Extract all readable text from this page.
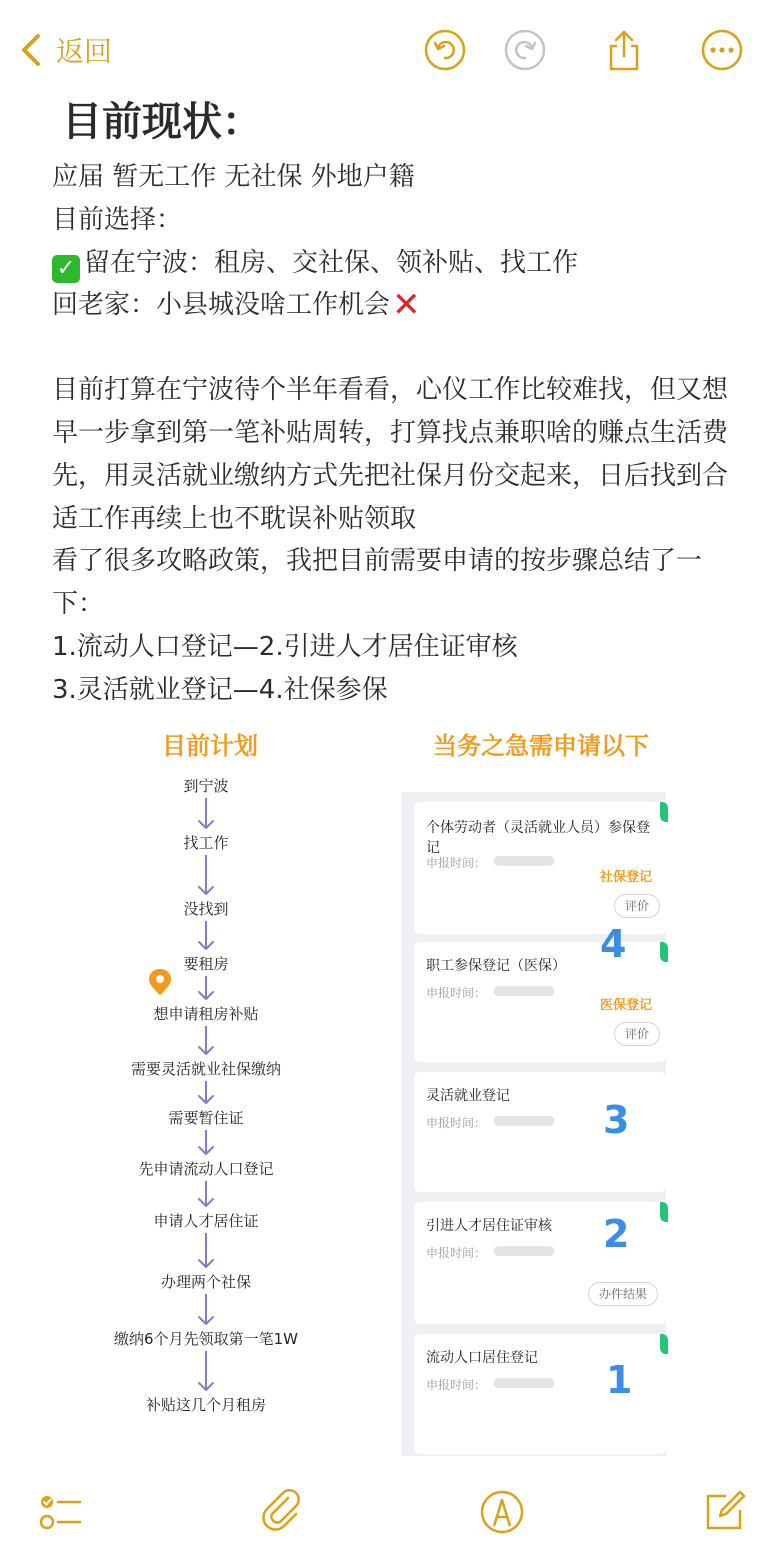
返回
目前现状：
应届 暂无工作 无社保 外地户籍
目前选择：
✓ 留在宁波：租房、交社保、领补贴、找工作
回老家：小县城没啥工作机会✕
目前打算在宁波待个半年看看，心仪工作比较难找，但又想早一步拿到第一笔补贴周转，打算找点兼职啥的赚点生活费先，用灵活就业缴纳方式先把社保月份交起来，日后找到合适工作再续上也不耽误补贴领取
看了很多攻略政策，我把目前需要申请的按步骤总结了一下：
1.流动人口登记—2.引进人才居住证审核
3.灵活就业登记—4.社保参保
目前计划	当务之急需申请以下
到宁波
找工作
没找到
要租房
想申请租房补贴
需要灵活就业社保缴纳
需要暂住证
先申请流动人口登记
申请人才居住证
办理两个社保
缴纳6个月先领取第一笔1W
补贴这几个月租房
个体劳动者（灵活就业人员）参保登记
申报时间：
社保登记
评价
职工参保登记（医保）
申报时间：
医保登记
评价
4
灵活就业登记
申报时间：	3
引进人才居住证审核
申报时间：
办件结果
2
流动人口居住登记
申报时间：	1
